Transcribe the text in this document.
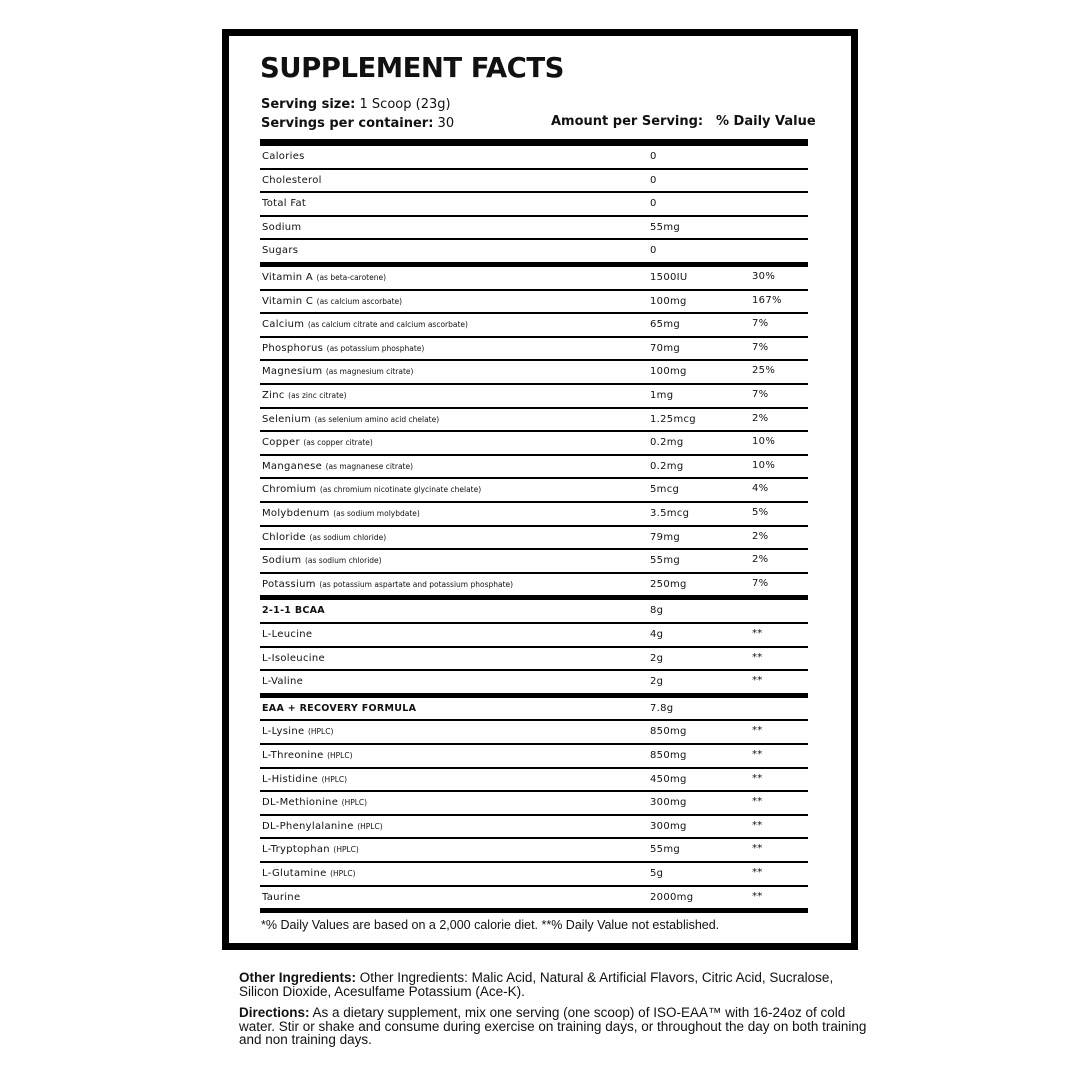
SUPPLEMENT FACTS
Serving size: 1 Scoop (23g)
Servings per container: 30	Amount per Serving: % Daily Value
Calories	0
Cholesterol	0
Total Fat	0
Sodium	55mg
Sugars	0
Vitamin A (as beta-carotene)	1500IU	30%
Vitamin C (as calcium ascorbate)	100mg	167%
Calcium (as calcium citrate and calcium ascorbate)	65mg	7%
Phosphorus (as potassium phosphate)	70mg	7%
Magnesium (as magnesium citrate)	100mg	25%
Zinc (as zinc citrate)	1mg	7%
Selenium (as selenium amino acid chelate)	1.25mcg	2%
Copper (as copper citrate)	0.2mg	10%
Manganese (as magnanese citrate)	0.2mg	10%
Chromium (as chromium nicotinate glycinate chelate)	5mcg	4%
Molybdenum (as sodium molybdate)	3.5mcg	5%
Chloride (as sodium chloride)	79mg	2%
Sodium (as sodium chloride)	55mg	2%
Potassium (as potassium aspartate and potassium phosphate)	250mg	7%
2-1-1 BCAA	8g
L-Leucine	4g	**
L-Isoleucine	2g	**
L-Valine	2g	**
EAA + RECOVERY FORMULA	7.8g
L-Lysine (HPLC)	850mg	**
L-Threonine (HPLC)	850mg	**
L-Histidine (HPLC)	450mg	**
DL-Methionine (HPLC)	300mg	**
DL-Phenylalanine (HPLC)	300mg	**
L-Tryptophan (HPLC)	55mg	**
L-Glutamine (HPLC)	5g	**
Taurine	2000mg	**
*% Daily Values are based on a 2,000 calorie diet. **% Daily Value not established.
Other Ingredients: Other Ingredients: Malic Acid, Natural & Artificial Flavors, Citric Acid, Sucralose, Silicon Dioxide, Acesulfame Potassium (Ace-K).
Directions: As a dietary supplement, mix one serving (one scoop) of ISO-EAA™ with 16-24oz of cold water. Stir or shake and consume during exercise on training days, or throughout the day on both training and non training days.
